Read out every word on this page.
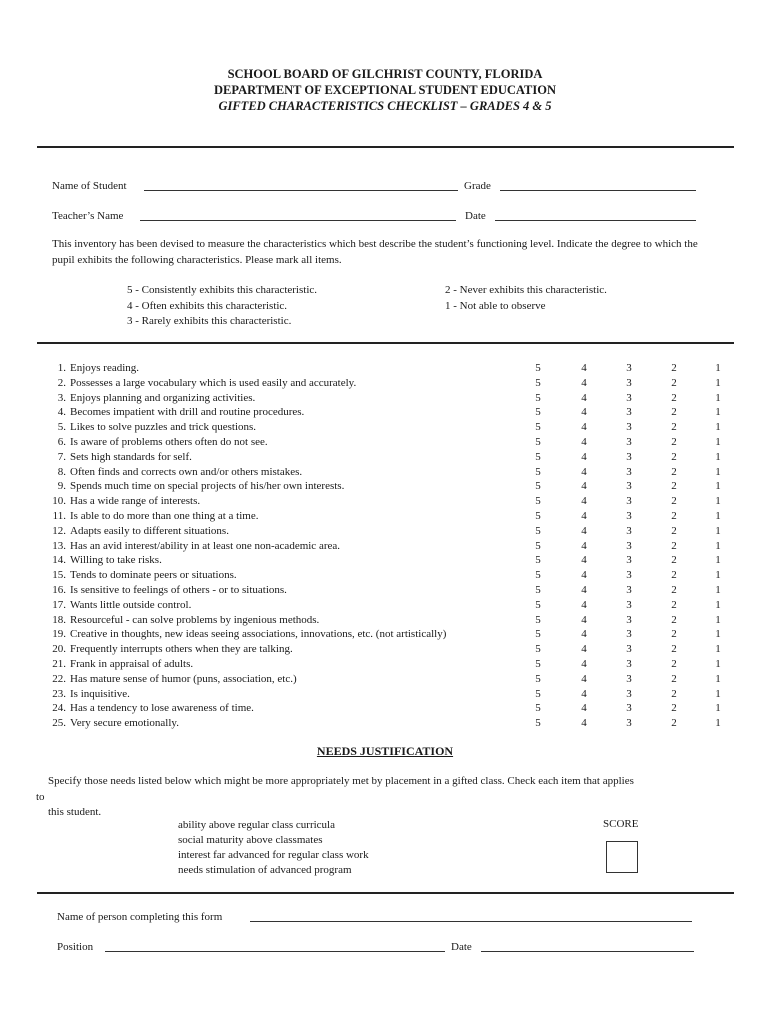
SCHOOL BOARD OF GILCHRIST COUNTY, FLORIDA
DEPARTMENT OF EXCEPTIONAL STUDENT EDUCATION
GIFTED CHARACTERISTICS CHECKLIST – GRADES 4 & 5
Name of Student	Grade
Teacher’s Name	Date
This inventory has been devised to measure the characteristics which best describe the student’s functioning level. Indicate the degree to which the pupil exhibits the following characteristics. Please mark all items.
5 - Consistently exhibits this characteristic.
4 - Often exhibits this characteristic.
3 - Rarely exhibits this characteristic.
2 - Never exhibits this characteristic.
1 - Not able to observe
1. Enjoys reading.	5	4	3	2	1
2. Possesses a large vocabulary which is used easily and accurately.	5	4	3	2	1
3. Enjoys planning and organizing activities.	5	4	3	2	1
4. Becomes impatient with drill and routine procedures.	5	4	3	2	1
5. Likes to solve puzzles and trick questions.	5	4	3	2	1
6. Is aware of problems others often do not see.	5	4	3	2	1
7. Sets high standards for self.	5	4	3	2	1
8. Often finds and corrects own and/or others mistakes.	5	4	3	2	1
9. Spends much time on special projects of his/her own interests.	5	4	3	2	1
10. Has a wide range of interests.	5	4	3	2	1
11. Is able to do more than one thing at a time.	5	4	3	2	1
12. Adapts easily to different situations.	5	4	3	2	1
13. Has an avid interest/ability in at least one non-academic area.	5	4	3	2	1
14. Willing to take risks.	5	4	3	2	1
15. Tends to dominate peers or situations.	5	4	3	2	1
16. Is sensitive to feelings of others - or to situations.	5	4	3	2	1
17. Wants little outside control.	5	4	3	2	1
18. Resourceful - can solve problems by ingenious methods.	5	4	3	2	1
19. Creative in thoughts, new ideas seeing associations, innovations, etc. (not artistically)	5	4	3	2	1
20. Frequently interrupts others when they are talking.	5	4	3	2	1
21. Frank in appraisal of adults.	5	4	3	2	1
22. Has mature sense of humor (puns, association, etc.)	5	4	3	2	1
23. Is inquisitive.	5	4	3	2	1
24. Has a tendency to lose awareness of time.	5	4	3	2	1
25. Very secure emotionally.	5	4	3	2	1
NEEDS JUSTIFICATION
Specify those needs listed below which might be more appropriately met by placement in a gifted class. Check each item that applies
to
this student.
ability above regular class curricula
social maturity above classmates
interest far advanced for regular class work
needs stimulation of advanced program
SCORE
Name of person completing this form
Position	Date
